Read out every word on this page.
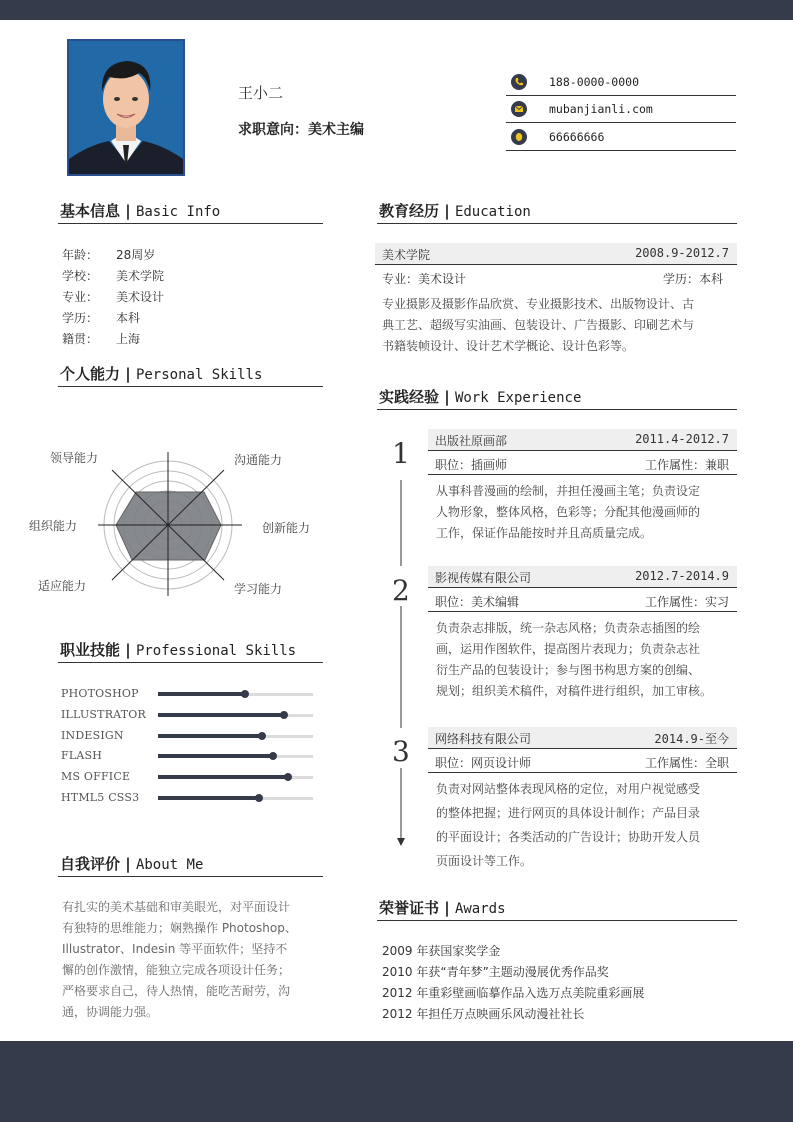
王小二
求职意向：美术主编
188-0000-0000
mubanjianli.com
66666666
基本信息 | Basic Info
年龄： 28周岁
学校： 美术学院
专业： 美术设计
学历： 本科
籍贯： 上海
个人能力 | Personal Skills
领导能力	沟通能力
创新能力
学习能力
适应能力
组织能力
职业技能 | Professional Skills
PHOTOSHOP
ILLUSTRATOR
INDESIGN
FLASH
MS OFFICE
HTML5 CSS3
自我评价 | About Me
有扎实的美术基础和审美眼光，对平面设计
有独特的思维能力；娴熟操作 Photoshop、
Illustrator、Indesin 等平面软件；坚持不
懈的创作激情，能独立完成各项设计任务；
严格要求自己，待人热情，能吃苦耐劳，沟
通，协调能力强。
教育经历 | Education
美术学院	2008.9-2012.7
专业：美术设计	学历：本科
专业摄影及摄影作品欣赏、专业摄影技术、出版物设计、古
典工艺、超级写实油画、包装设计、广告摄影、印刷艺术与
书籍装帧设计、设计艺术学概论、设计色彩等。
实践经验 | Work Experience
1 出版社原画部	2011.4-2012.7
职位：插画师	工作属性：兼职
从事科普漫画的绘制，并担任漫画主笔；负责设定
人物形象，整体风格，色彩等；分配其他漫画师的
工作，保证作品能按时并且高质量完成。
2 影视传媒有限公司	2012.7-2014.9
职位：美术编辑	工作属性：实习
负责杂志排版，统一杂志风格；负责杂志插图的绘
画，运用作图软件，提高图片表现力；负责杂志社
衍生产品的包装设计；参与图书构思方案的创编、
规划；组织美术稿件，对稿件进行组织，加工审核。
3 网络科技有限公司	2014.9-至今
职位：网页设计师	工作属性：全职
负责对网站整体表现风格的定位，对用户视觉感受
的整体把握；进行网页的具体设计制作；产品目录
的平面设计；各类活动的广告设计；协助开发人员
页面设计等工作。
荣誉证书 | Awards
2009 年获国家奖学金
2010 年获“青年梦”主题动漫展优秀作品奖
2012 年重彩壁画临摹作品入选万点美院重彩画展
2012 年担任万点映画乐风动漫社社长
